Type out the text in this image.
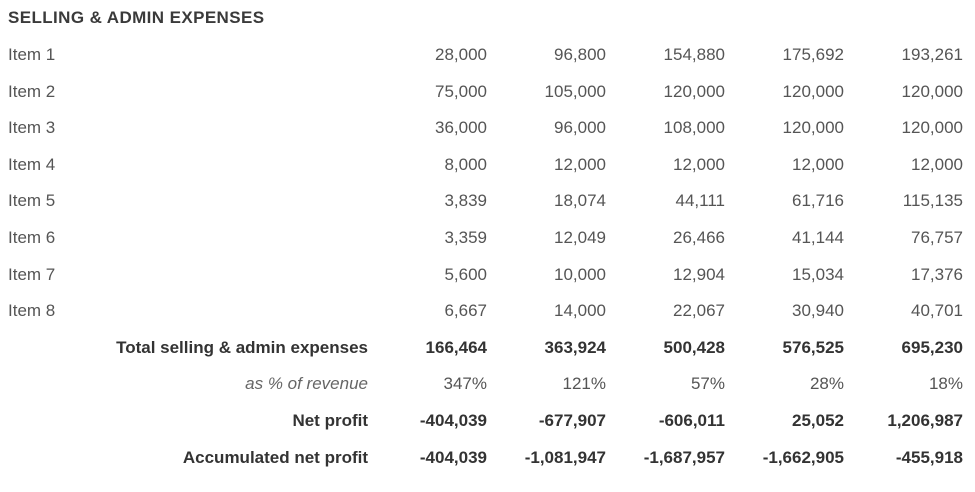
SELLING & ADMIN EXPENSES
Item 1	28,000	96,800	154,880	175,692	193,261
Item 2	75,000	105,000	120,000	120,000	120,000
Item 3	36,000	96,000	108,000	120,000	120,000
Item 4	8,000	12,000	12,000	12,000	12,000
Item 5	3,839	18,074	44,111	61,716	115,135
Item 6	3,359	12,049	26,466	41,144	76,757
Item 7	5,600	10,000	12,904	15,034	17,376
Item 8	6,667	14,000	22,067	30,940	40,701
Total selling & admin expenses	166,464	363,924	500,428	576,525	695,230
as % of revenue	347%	121%	57%	28%	18%
Net profit	-404,039	-677,907	-606,011	25,052	1,206,987
Accumulated net profit	-404,039 -1,081,947 -1,687,957 -1,662,905	-455,918
